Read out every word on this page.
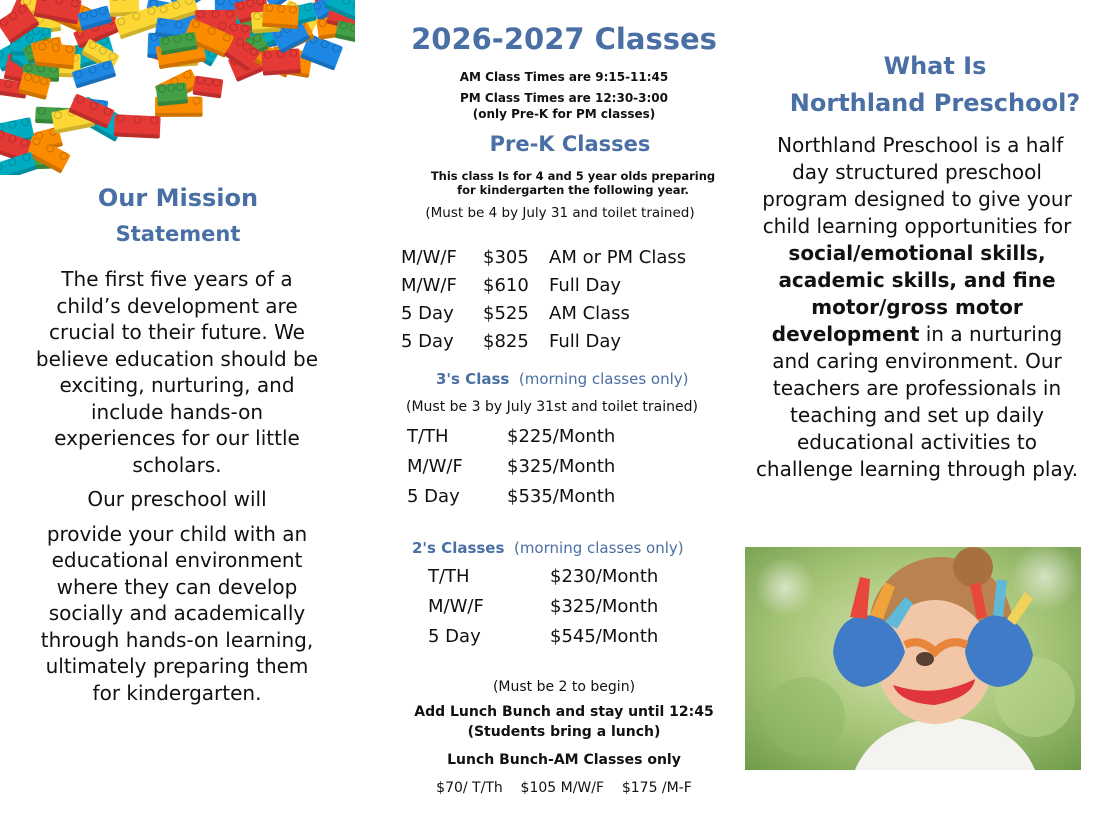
Our Mission
Statement

The first five years of a child’s development are crucial to their future. We believe education should be exciting, nurturing, and include hands-on experiences for our little scholars.

Our preschool will

provide your child with an educational environment where they can develop socially and academically through hands-on learning, ultimately preparing them for kindergarten.

2026-2027 Classes
AM Class Times are 9:15-11:45
PM Class Times are 12:30-3:00
(only Pre-K for PM classes)
Pre-K Classes
This class Is for 4 and 5 year olds preparing for kindergarten the following year.
(Must be 4 by July 31 and toilet trained)
M/W/F	$305	AM or PM Class
M/W/F	$610	Full Day
5 Day	$525	AM Class
5 Day	$825	Full Day
3's Class (morning classes only)
(Must be 3 by July 31st and toilet trained)
T/TH	$225/Month
M/W/F	$325/Month
5 Day	$535/Month
2's Classes (morning classes only)
T/TH	$230/Month
M/W/F	$325/Month
5 Day	$545/Month
(Must be 2 to begin)
Add Lunch Bunch and stay until 12:45
(Students bring a lunch)
Lunch Bunch-AM Classes only
$70/ T/Th    $105 M/W/F    $175 /M-F
What Is
Northland Preschool?
Northland Preschool is a half day structured preschool program designed to give your child learning opportunities for social/emotional skills, academic skills, and fine motor/gross motor development in a nurturing and caring environment. Our teachers are professionals in teaching and set up daily educational activities to challenge learning through play.
